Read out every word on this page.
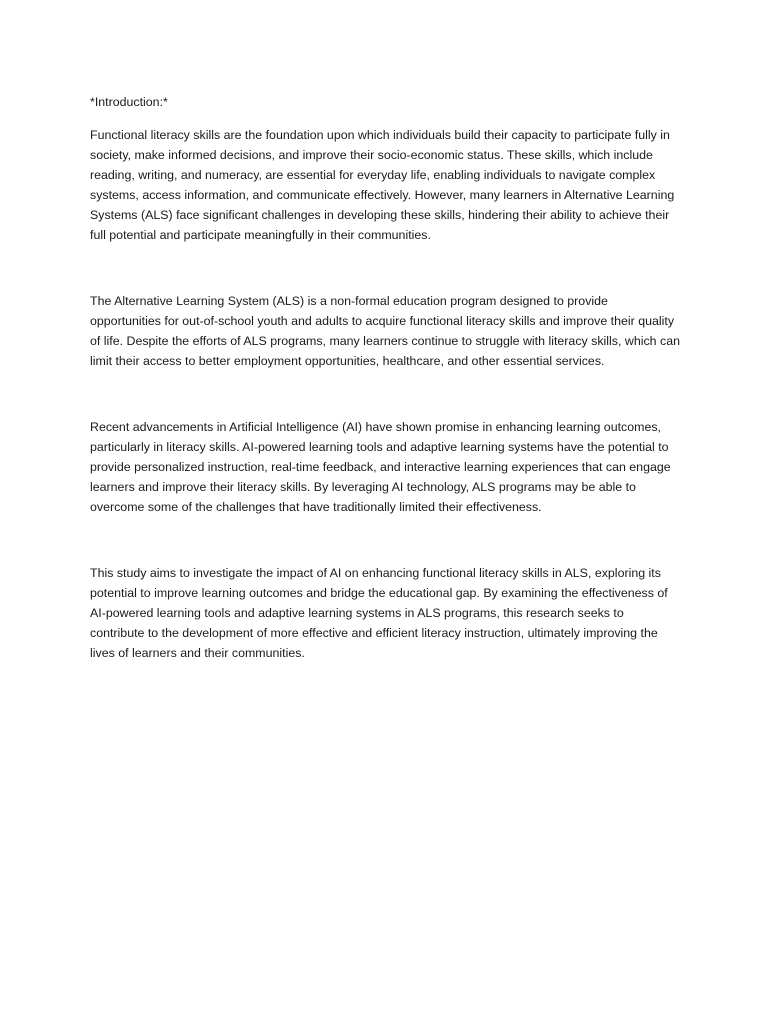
*Introduction:*

Functional literacy skills are the foundation upon which individuals build their capacity to participate fully in society, make informed decisions, and improve their socio-economic status. These skills, which include reading, writing, and numeracy, are essential for everyday life, enabling individuals to navigate complex systems, access information, and communicate effectively. However, many learners in Alternative Learning Systems (ALS) face significant challenges in developing these skills, hindering their ability to achieve their full potential and participate meaningfully in their communities.

The Alternative Learning System (ALS) is a non-formal education program designed to provide opportunities for out-of-school youth and adults to acquire functional literacy skills and improve their quality of life. Despite the efforts of ALS programs, many learners continue to struggle with literacy skills, which can limit their access to better employment opportunities, healthcare, and other essential services.

Recent advancements in Artificial Intelligence (AI) have shown promise in enhancing learning outcomes, particularly in literacy skills. AI-powered learning tools and adaptive learning systems have the potential to provide personalized instruction, real-time feedback, and interactive learning experiences that can engage learners and improve their literacy skills. By leveraging AI technology, ALS programs may be able to overcome some of the challenges that have traditionally limited their effectiveness.

This study aims to investigate the impact of AI on enhancing functional literacy skills in ALS, exploring its potential to improve learning outcomes and bridge the educational gap. By examining the effectiveness of AI-powered learning tools and adaptive learning systems in ALS programs, this research seeks to contribute to the development of more effective and efficient literacy instruction, ultimately improving the lives of learners and their communities.
